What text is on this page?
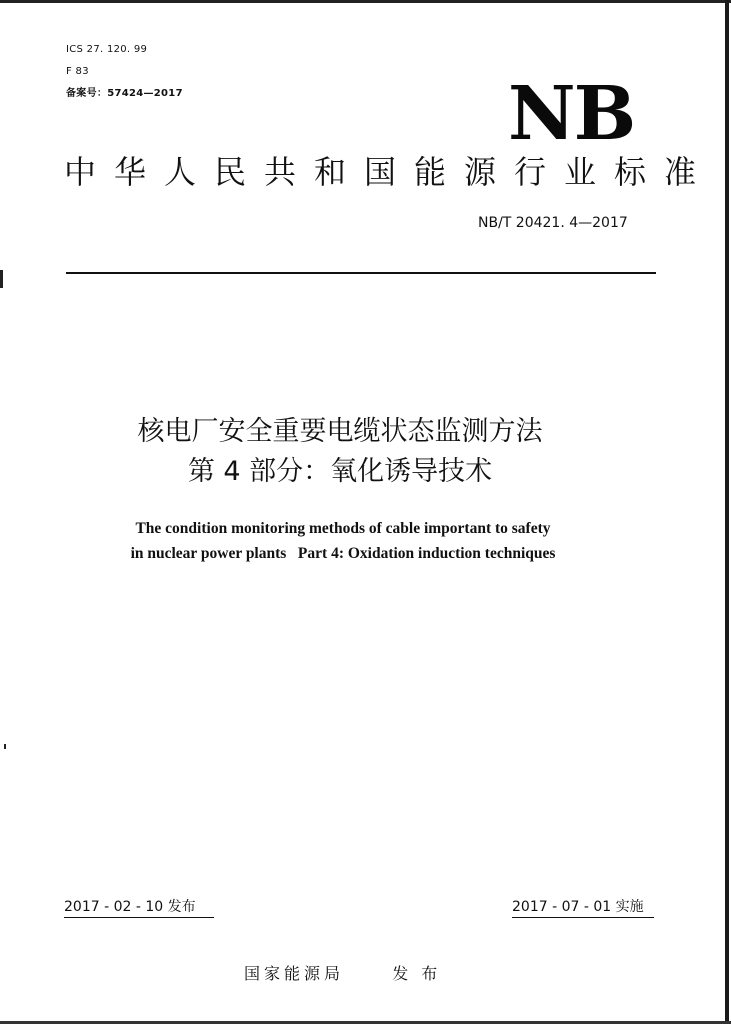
ICS 27. 120. 99
F 83
备案号：57424—2017	NB
中华人民共和国能源行业标准
NB/T 20421. 4—2017
核电厂安全重要电缆状态监测方法
第 4 部分：氧化诱导技术
The condition monitoring methods of cable important to safety
in nuclear power plants   Part 4: Oxidation induction techniques
2017 - 02 - 10 发布	2017 - 07 - 01 实施
国家能源局	发 布
